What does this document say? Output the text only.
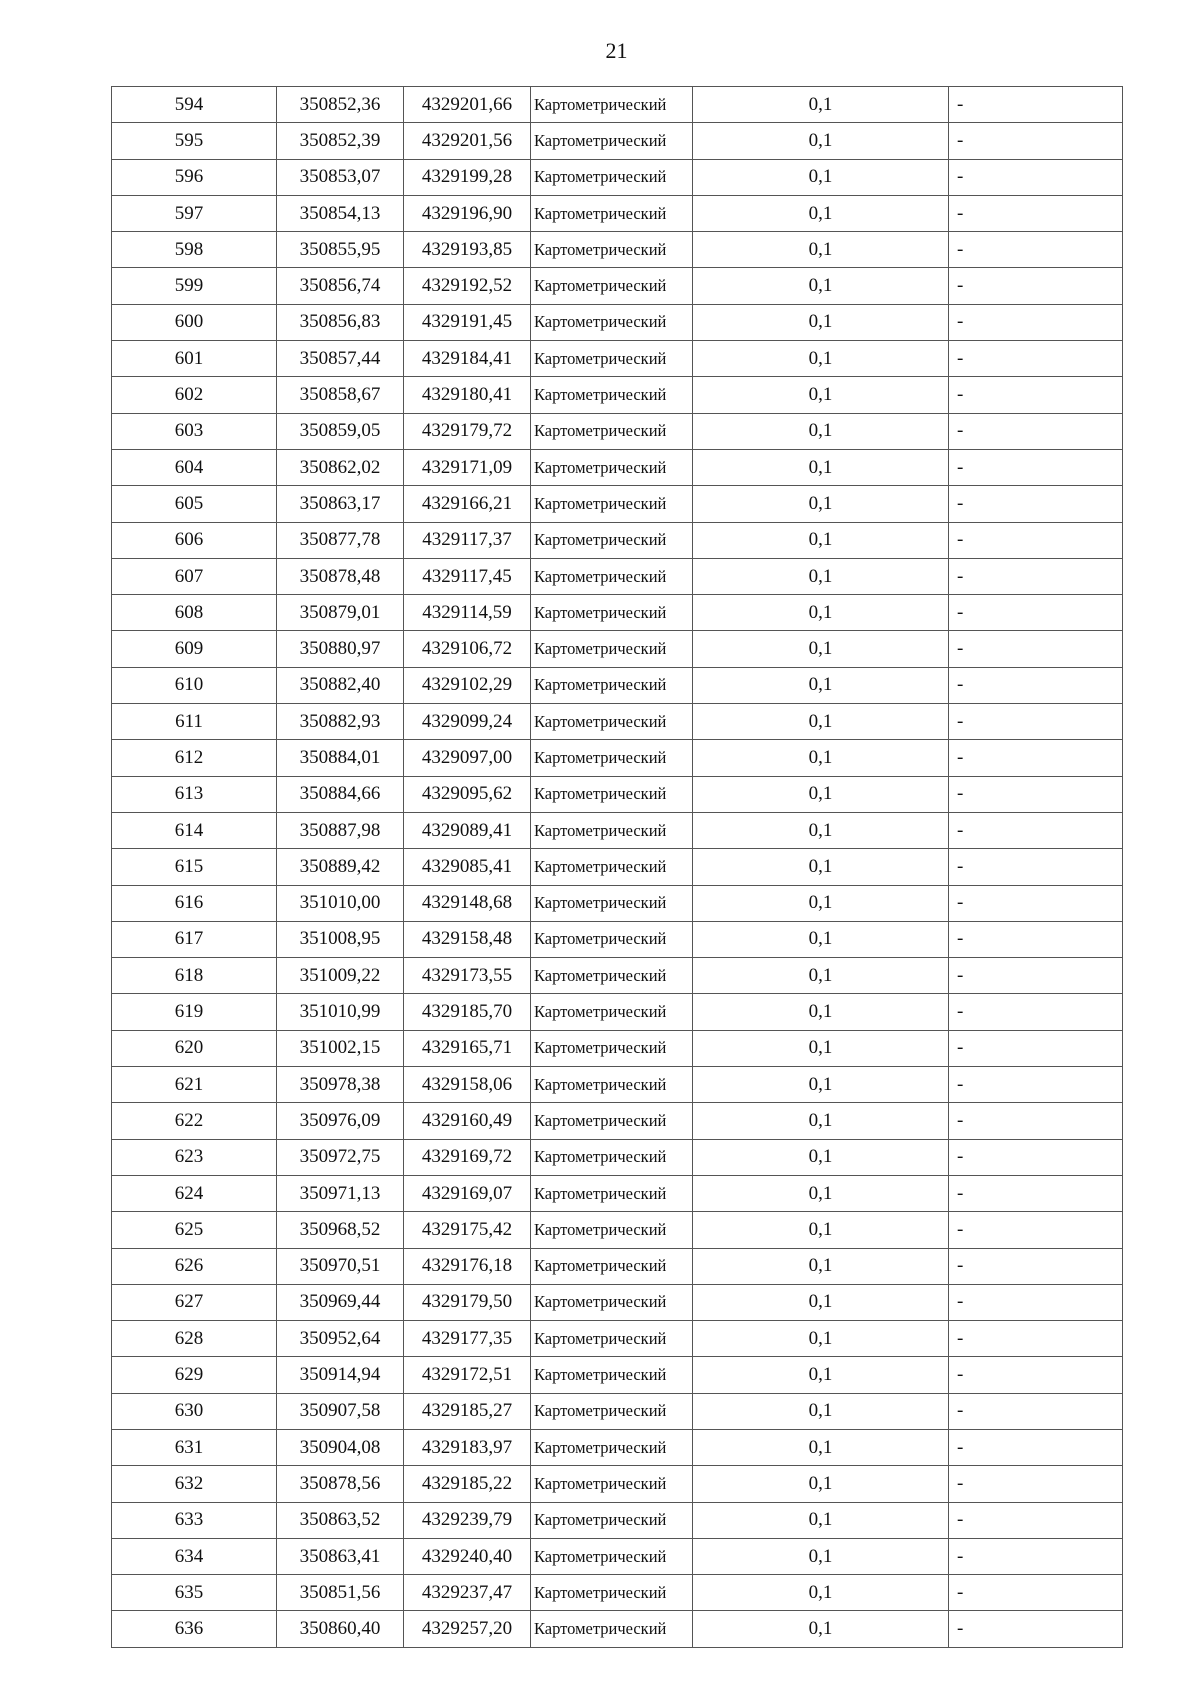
21
594	350852,36	4329201,66	Картометрический	0,1	-
595	350852,39	4329201,56	Картометрический	0,1	-
596	350853,07	4329199,28	Картометрический	0,1	-
597	350854,13	4329196,90	Картометрический	0,1	-
598	350855,95	4329193,85	Картометрический	0,1	-
599	350856,74	4329192,52	Картометрический	0,1	-
600	350856,83	4329191,45	Картометрический	0,1	-
601	350857,44	4329184,41	Картометрический	0,1	-
602	350858,67	4329180,41	Картометрический	0,1	-
603	350859,05	4329179,72	Картометрический	0,1	-
604	350862,02	4329171,09	Картометрический	0,1	-
605	350863,17	4329166,21	Картометрический	0,1	-
606	350877,78	4329117,37	Картометрический	0,1	-
607	350878,48	4329117,45	Картометрический	0,1	-
608	350879,01	4329114,59	Картометрический	0,1	-
609	350880,97	4329106,72	Картометрический	0,1	-
610	350882,40	4329102,29	Картометрический	0,1	-
611	350882,93	4329099,24	Картометрический	0,1	-
612	350884,01	4329097,00	Картометрический	0,1	-
613	350884,66	4329095,62	Картометрический	0,1	-
614	350887,98	4329089,41	Картометрический	0,1	-
615	350889,42	4329085,41	Картометрический	0,1	-
616	351010,00	4329148,68	Картометрический	0,1	-
617	351008,95	4329158,48	Картометрический	0,1	-
618	351009,22	4329173,55	Картометрический	0,1	-
619	351010,99	4329185,70	Картометрический	0,1	-
620	351002,15	4329165,71	Картометрический	0,1	-
621	350978,38	4329158,06	Картометрический	0,1	-
622	350976,09	4329160,49	Картометрический	0,1	-
623	350972,75	4329169,72	Картометрический	0,1	-
624	350971,13	4329169,07	Картометрический	0,1	-
625	350968,52	4329175,42	Картометрический	0,1	-
626	350970,51	4329176,18	Картометрический	0,1	-
627	350969,44	4329179,50	Картометрический	0,1	-
628	350952,64	4329177,35	Картометрический	0,1	-
629	350914,94	4329172,51	Картометрический	0,1	-
630	350907,58	4329185,27	Картометрический	0,1	-
631	350904,08	4329183,97	Картометрический	0,1	-
632	350878,56	4329185,22	Картометрический	0,1	-
633	350863,52	4329239,79	Картометрический	0,1	-
634	350863,41	4329240,40	Картометрический	0,1	-
635	350851,56	4329237,47	Картометрический	0,1	-
636	350860,40	4329257,20	Картометрический	0,1	-
